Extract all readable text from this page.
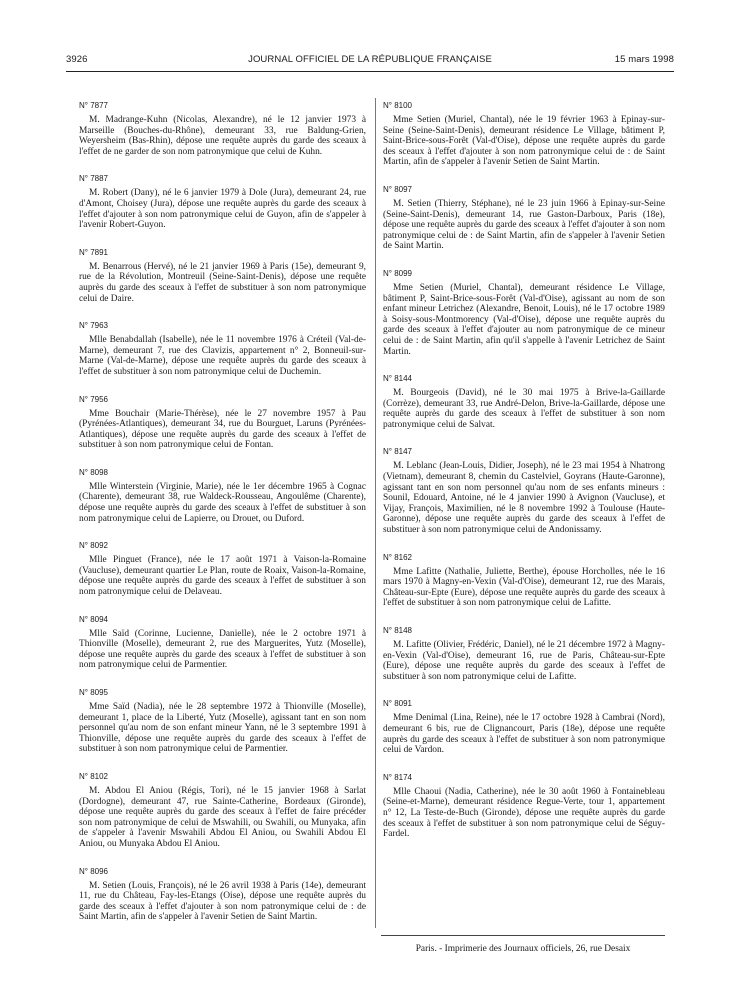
3926	JOURNAL OFFICIEL DE LA RÉPUBLIQUE FRANÇAISE	15 mars 1998
N° 7877

M. Madrange-Kuhn (Nicolas, Alexandre), né le 12 janvier 1973 à Marseille (Bouches-du-Rhône), demeurant 33, rue Baldung-Grien, Weyersheim (Bas-Rhin), dépose une requête auprès du garde des sceaux à l'effet de ne garder de son nom patronymique que celui de Kuhn.

N° 7887

M. Robert (Dany), né le 6 janvier 1979 à Dole (Jura), demeurant 24, rue d'Amont, Choisey (Jura), dépose une requête auprès du garde des sceaux à l'effet d'ajouter à son nom patronymique celui de Guyon, afin de s'appeler à l'avenir Robert-Guyon.

N° 7891

M. Benarrous (Hervé), né le 21 janvier 1969 à Paris (15e), demeurant 9, rue de la Révolution, Montreuil (Seine-Saint-Denis), dépose une requête auprès du garde des sceaux à l'effet de substituer à son nom patronymique celui de Daire.

N° 7963

Mlle Benabdallah (Isabelle), née le 11 novembre 1976 à Créteil (Val-de-Marne), demeurant 7, rue des Clavizis, appartement n° 2, Bonneuil-sur-Marne (Val-de-Marne), dépose une requête auprès du garde des sceaux à l'effet de substituer à son nom patronymique celui de Duchemin.

N° 7956

Mme Bouchair (Marie-Thérèse), née le 27 novembre 1957 à Pau (Pyrénées-Atlantiques), demeurant 34, rue du Bourguet, Laruns (Pyrénées-Atlantiques), dépose une requête auprès du garde des sceaux à l'effet de substituer à son nom patronymique celui de Fontan.

N° 8098

Mlle Winterstein (Virginie, Marie), née le 1er décembre 1965 à Cognac (Charente), demeurant 38, rue Waldeck-Rousseau, Angoulême (Charente), dépose une requête auprès du garde des sceaux à l'effet de substituer à son nom patronymique celui de Lapierre, ou Drouet, ou Duford.

N° 8092

Mlle Pinguet (France), née le 17 août 1971 à Vaison-la-Romaine (Vaucluse), demeurant quartier Le Plan, route de Roaix, Vaison-la-Romaine, dépose une requête auprès du garde des sceaux à l'effet de substituer à son nom patronymique celui de Delaveau.

N° 8094

Mlle Saïd (Corinne, Lucienne, Danielle), née le 2 octobre 1971 à Thionville (Moselle), demeurant 2, rue des Marguerites, Yutz (Moselle), dépose une requête auprès du garde des sceaux à l'effet de substituer à son nom patronymique celui de Parmentier.

N° 8095

Mme Saïd (Nadia), née le 28 septembre 1972 à Thionville (Moselle), demeurant 1, place de la Liberté, Yutz (Moselle), agissant tant en son nom personnel qu'au nom de son enfant mineur Yann, né le 3 septembre 1991 à Thionville, dépose une requête auprès du garde des sceaux à l'effet de substituer à son nom patronymique celui de Parmentier.

N° 8102

M. Abdou El Aniou (Régis, Tori), né le 15 janvier 1968 à Sarlat (Dordogne), demeurant 47, rue Sainte-Catherine, Bordeaux (Gironde), dépose une requête auprès du garde des sceaux à l'effet de faire précéder son nom patronymique de celui de Mswahili, ou Swahili, ou Munyaka, afin de s'appeler à l'avenir Mswahili Abdou El Aniou, ou Swahili Abdou El Aniou, ou Munyaka Abdou El Aniou.

N° 8096

M. Setien (Louis, François), né le 26 avril 1938 à Paris (14e), demeurant 11, rue du Château, Fay-les-Etangs (Oise), dépose une requête auprès du garde des sceaux à l'effet d'ajouter à son nom patronymique celui de : de Saint Martin, afin de s'appeler à l'avenir Setien de Saint Martin.

N° 8100

Mme Setien (Muriel, Chantal), née le 19 février 1963 à Epinay-sur-Seine (Seine-Saint-Denis), demeurant résidence Le Village, bâtiment P, Saint-Brice-sous-Forêt (Val-d'Oise), dépose une requête auprès du garde des sceaux à l'effet d'ajouter à son nom patronymique celui de : de Saint Martin, afin de s'appeler à l'avenir Setien de Saint Martin.

N° 8097

M. Setien (Thierry, Stéphane), né le 23 juin 1966 à Epinay-sur-Seine (Seine-Saint-Denis), demeurant 14, rue Gaston-Darboux, Paris (18e), dépose une requête auprès du garde des sceaux à l'effet d'ajouter à son nom patronymique celui de : de Saint Martin, afin de s'appeler à l'avenir Setien de Saint Martin.

N° 8099

Mme Setien (Muriel, Chantal), demeurant résidence Le Village, bâtiment P, Saint-Brice-sous-Forêt (Val-d'Oise), agissant au nom de son enfant mineur Letrichez (Alexandre, Benoit, Louis), né le 17 octobre 1989 à Soisy-sous-Montmorency (Val-d'Oise), dépose une requête auprès du garde des sceaux à l'effet d'ajouter au nom patronymique de ce mineur celui de : de Saint Martin, afin qu'il s'appelle à l'avenir Letrichez de Saint Martin.

N° 8144

M. Bourgeois (David), né le 30 mai 1975 à Brive-la-Gaillarde (Corrèze), demeurant 33, rue André-Delon, Brive-la-Gaillarde, dépose une requête auprès du garde des sceaux à l'effet de substituer à son nom patronymique celui de Salvat.

N° 8147

M. Leblanc (Jean-Louis, Didier, Joseph), né le 23 mai 1954 à Nhatrong (Vietnam), demeurant 8, chemin du Castelviel, Goyrans (Haute-Garonne), agissant tant en son nom personnel qu'au nom de ses enfants mineurs : Sounil, Edouard, Antoine, né le 4 janvier 1990 à Avignon (Vaucluse), et Vijay, François, Maximilien, né le 8 novembre 1992 à Toulouse (Haute-Garonne), dépose une requête auprès du garde des sceaux à l'effet de substituer à son nom patronymique celui de Andonissamy.

N° 8162

Mme Lafitte (Nathalie, Juliette, Berthe), épouse Horcholles, née le 16 mars 1970 à Magny-en-Vexin (Val-d'Oise), demeurant 12, rue des Marais, Château-sur-Epte (Eure), dépose une requête auprès du garde des sceaux à l'effet de substituer à son nom patronymique celui de Lafitte.

N° 8148

M. Lafitte (Olivier, Frédéric, Daniel), né le 21 décembre 1972 à Magny-en-Vexin (Val-d'Oise), demeurant 16, rue de Paris, Château-sur-Epte (Eure), dépose une requête auprès du garde des sceaux à l'effet de substituer à son nom patronymique celui de Lafitte.

N° 8091

Mme Denimal (Lina, Reine), née le 17 octobre 1928 à Cambrai (Nord), demeurant 6 bis, rue de Clignancourt, Paris (18e), dépose une requête auprès du garde des sceaux à l'effet de substituer à son nom patronymique celui de Vardon.

N° 8174

Mlle Chaoui (Nadia, Catherine), née le 30 août 1960 à Fontainebleau (Seine-et-Marne), demeurant résidence Regue-Verte, tour 1, appartement n° 12, La Teste-de-Buch (Gironde), dépose une requête auprès du garde des sceaux à l'effet de substituer à son nom patronymique celui de Séguy-Fardel.

Paris. - Imprimerie des Journaux officiels, 26, rue Desaix
